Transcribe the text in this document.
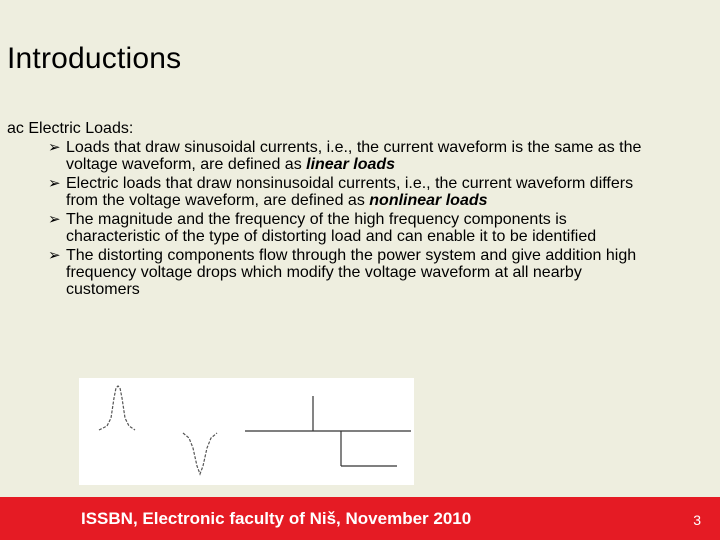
Introductions
ac Electric Loads:
➢ Loads that draw sinusoidal currents, i.e., the current waveform is the same as the voltage waveform, are defined as linear loads
➢ Electric loads that draw nonsinusoidal currents, i.e., the current waveform differs from the voltage waveform, are defined as nonlinear loads
➢ The magnitude and the frequency of the high frequency components is characteristic of the type of distorting load and can enable it to be identified
➢ The distorting components flow through the power system and give addition high frequency voltage drops which modify the voltage waveform at all nearby customers
ISSBN, Electronic faculty of Niš, November 2010	3
